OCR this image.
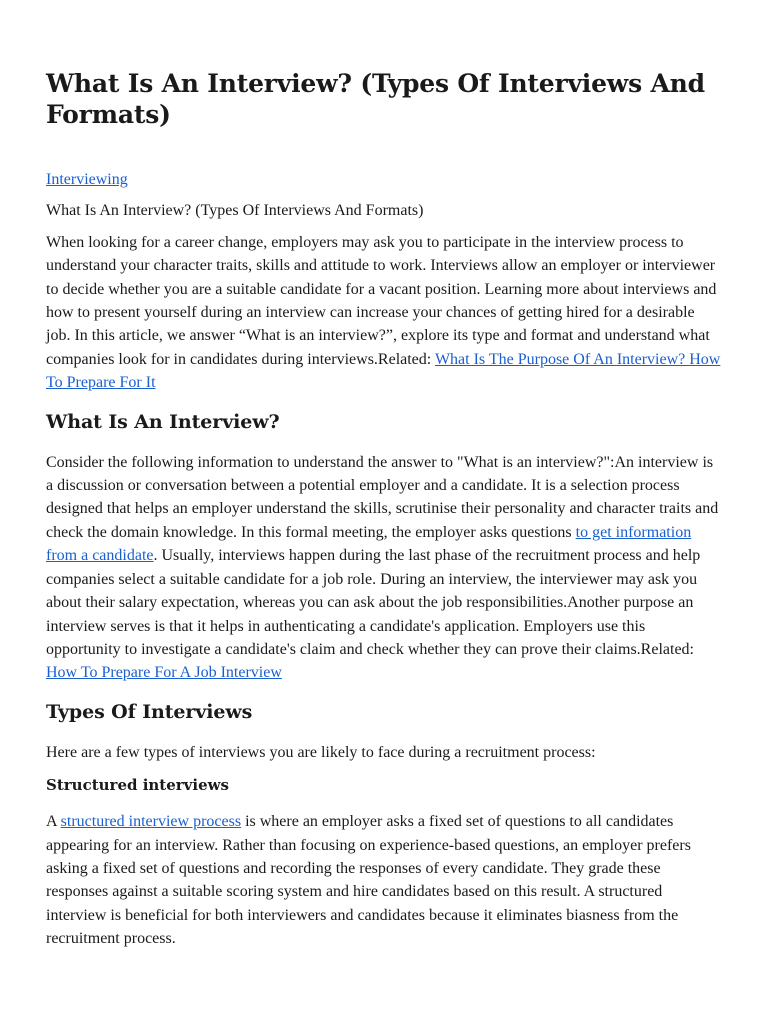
What Is An Interview? (Types Of Interviews And Formats)

Interviewing

What Is An Interview? (Types Of Interviews And Formats)

When looking for a career change, employers may ask you to participate in the interview process to understand your character traits, skills and attitude to work. Interviews allow an employer or interviewer to decide whether you are a suitable candidate for a vacant position. Learning more about interviews and how to present yourself during an interview can increase your chances of getting hired for a desirable job. In this article, we answer “What is an interview?”, explore its type and format and understand what companies look for in candidates during interviews.Related: What Is The Purpose Of An Interview? How To Prepare For It

What Is An Interview?

Consider the following information to understand the answer to "What is an interview?":An interview is a discussion or conversation between a potential employer and a candidate. It is a selection process designed that helps an employer understand the skills, scrutinise their personality and character traits and check the domain knowledge. In this formal meeting, the employer asks questions to get information from a candidate. Usually, interviews happen during the last phase of the recruitment process and help companies select a suitable candidate for a job role. During an interview, the interviewer may ask you about their salary expectation, whereas you can ask about the job responsibilities.Another purpose an interview serves is that it helps in authenticating a candidate's application. Employers use this opportunity to investigate a candidate's claim and check whether they can prove their claims.Related: How To Prepare For A Job Interview

Types Of Interviews

Here are a few types of interviews you are likely to face during a recruitment process:

Structured interviews

A structured interview process is where an employer asks a fixed set of questions to all candidates appearing for an interview. Rather than focusing on experience-based questions, an employer prefers asking a fixed set of questions and recording the responses of every candidate. They grade these responses against a suitable scoring system and hire candidates based on this result. A structured interview is beneficial for both interviewers and candidates because it eliminates biasness from the recruitment process.
